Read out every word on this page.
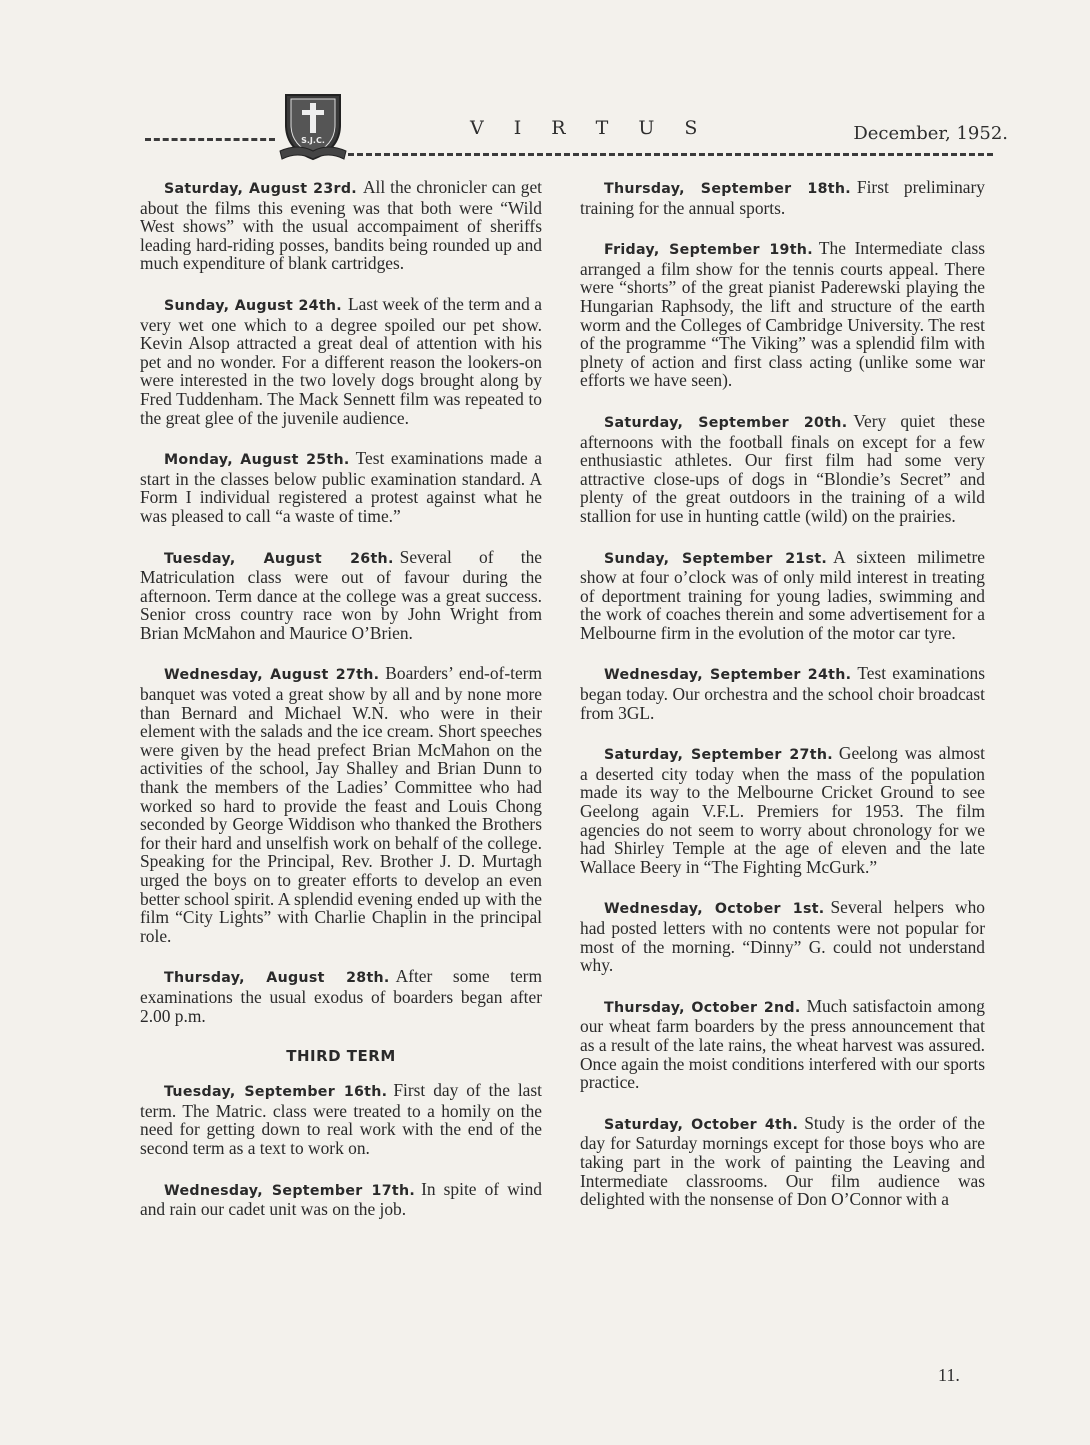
S.J.C.
V I R T U S	December, 1952.

Saturday, August 23rd. All the chronicler can get about the films this evening was that both were “Wild West shows” with the usual accompaiment of sheriffs leading hard-riding posses, bandits being rounded up and much expenditure of blank cartridges.

Sunday, August 24th. Last week of the term and a very wet one which to a degree spoiled our pet show. Kevin Alsop attracted a great deal of attention with his pet and no wonder. For a different reason the lookers-on were interested in the two lovely dogs brought along by Fred Tuddenham. The Mack Sennett film was repeated to the great glee of the juvenile audience.

Monday, August 25th. Test examinations made a start in the classes below public examination standard. A Form I individual registered a protest against what he was pleased to call “a waste of time.”

Tuesday, August 26th. Several of the Matriculation class were out of favour during the afternoon. Term dance at the college was a great success. Senior cross country race won by John Wright from Brian McMahon and Maurice O’Brien.

Wednesday, August 27th. Boarders’ end-of-term banquet was voted a great show by all and by none more than Bernard and Michael W.N. who were in their element with the salads and the ice cream. Short speeches were given by the head prefect Brian McMahon on the activities of the school, Jay Shalley and Brian Dunn to thank the members of the Ladies’ Committee who had worked so hard to provide the feast and Louis Chong seconded by George Widdison who thanked the Brothers for their hard and unselfish work on behalf of the college. Speaking for the Principal, Rev. Brother J. D. Murtagh urged the boys on to greater efforts to develop an even better school spirit. A splendid evening ended up with the film “City Lights” with Charlie Chaplin in the principal role.

Thursday, August 28th. After some term examinations the usual exodus of boarders began after 2.00 p.m.

THIRD TERM

Tuesday, September 16th. First day of the last term. The Matric. class were treated to a homily on the need for getting down to real work with the end of the second term as a text to work on.

Wednesday, September 17th. In spite of wind and rain our cadet unit was on the job.

Thursday, September 18th. First preliminary training for the annual sports.

Friday, September 19th. The Intermediate class arranged a film show for the tennis courts appeal. There were “shorts” of the great pianist Paderewski playing the Hungarian Raphsody, the lift and structure of the earth worm and the Colleges of Cambridge University. The rest of the programme “The Viking” was a splendid film with plnety of action and first class acting (unlike some war efforts we have seen).

Saturday, September 20th. Very quiet these afternoons with the football finals on except for a few enthusiastic athletes. Our first film had some very attractive close-ups of dogs in “Blondie’s Secret” and plenty of the great outdoors in the training of a wild stallion for use in hunting cattle (wild) on the prairies.

Sunday, September 21st. A sixteen milimetre show at four o’clock was of only mild interest in treating of deportment training for young ladies, swimming and the work of coaches therein and some advertisement for a Melbourne firm in the evolution of the motor car tyre.

Wednesday, September 24th. Test examinations began today. Our orchestra and the school choir broadcast from 3GL.

Saturday, September 27th. Geelong was almost a deserted city today when the mass of the population made its way to the Melbourne Cricket Ground to see Geelong again V.F.L. Premiers for 1953. The film agencies do not seem to worry about chronology for we had Shirley Temple at the age of eleven and the late Wallace Beery in “The Fighting McGurk.”

Wednesday, October 1st. Several helpers who had posted letters with no contents were not popular for most of the morning. “Dinny” G. could not understand why.

Thursday, October 2nd. Much satisfactoin among our wheat farm boarders by the press announcement that as a result of the late rains, the wheat harvest was assured. Once again the moist conditions interfered with our sports practice.

Saturday, October 4th. Study is the order of the day for Saturday mornings except for those boys who are taking part in the work of painting the Leaving and Intermediate classrooms. Our film audience was delighted with the nonsense of Don O’Connor with a

11.
